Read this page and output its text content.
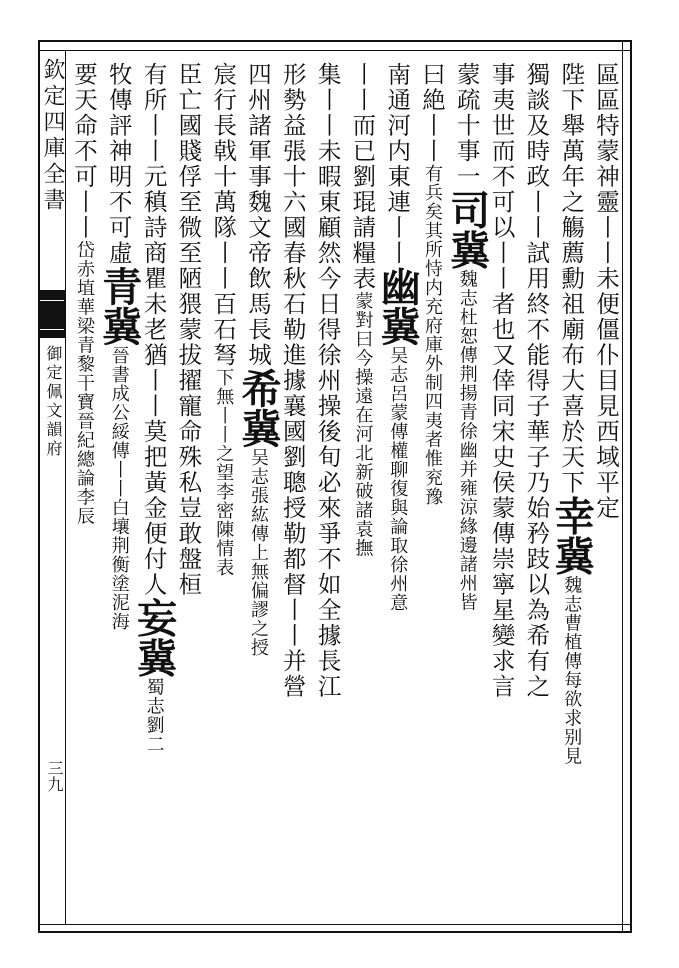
欽定四庫全書
御定佩文韻府
三九
區區特蒙神靈丨丨未便僵仆目見西域平定
陛下舉萬年之觴薦勳祖廟布大喜於天下幸冀魏志曹植傳每欲求别見
獨談及時政丨丨試用終不能得子華子乃始矜跂以為希有之
事夷世而不可以丨丨者也又倖同宋史侯蒙傳崇寧星變求言
蒙疏十事一司冀魏志杜恕傳荆揚青徐幽并雍涼緣邊諸州皆
曰絶丨丨有兵矣其所恃内充府庫外制四夷者惟兖豫
南通河内東連丨丨幽冀吴志呂蒙傳權聊復與論取徐州意
丨丨而已劉琨請糧表蒙對曰今操遠在河北新破諸袁撫
集丨丨未暇東顧然今日得徐州操後旬必來爭不如全據長江
形勢益張十六國春秋石勒進據襄國劉聰授勒都督丨丨并營
四州諸軍事魏文帝飲馬長城希冀吴志張紘傳上無偏謬之授
宸行長戟十萬隊丨丨百石弩下無丨丨之望李密陳情表
臣亡國賤俘至微至陋猥蒙拔擢寵命殊私豈敢盤桓
有所丨丨元稹詩商瞿未老猶丨丨莫把黃金便付人妄冀蜀志劉二
牧傳評神明不可虛青冀晉書成公綏傳丨丨白壤荆衡塗泥海
要天命不可丨丨岱赤埴華梁青黎干寶晉紀總論李辰
